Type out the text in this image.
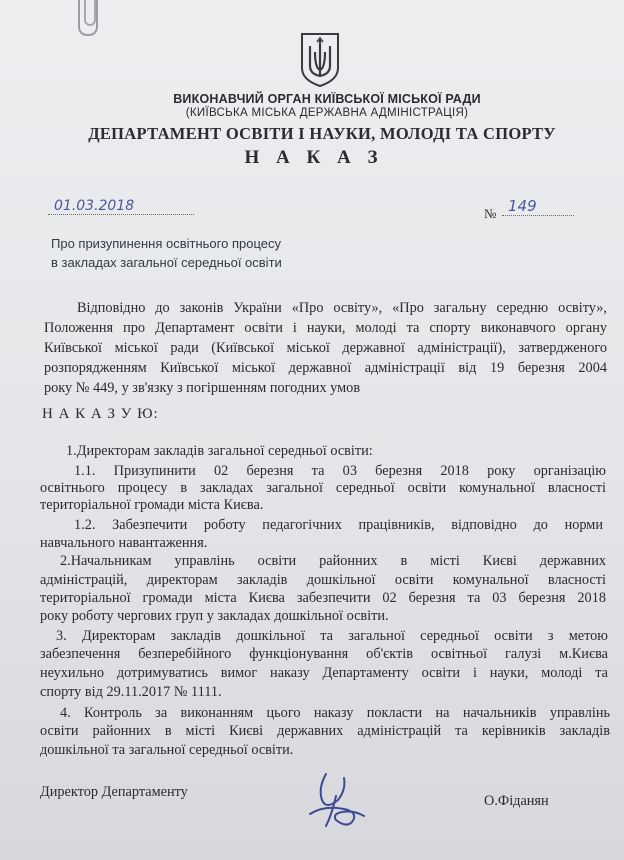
ВИКОНАВЧИЙ ОРГАН КИЇВСЬКОЇ МІСЬКОЇ РАДИ
(КИЇВСЬКА МІСЬКА ДЕРЖАВНА АДМІНІСТРАЦІЯ)
ДЕПАРТАМЕНТ ОСВІТИ І НАУКИ, МОЛОДІ ТА СПОРТУ
Н А К А З
01.03.2018	№ 149
Про призупинення освітнього процесу
в закладах загальної середньої освіти
Відповідно до законів України «Про освіту», «Про загальну середню освіту»,
Положення про Департамент освіти і науки, молоді та спорту виконавчого органу
Київської міської ради (Київської міської державної адміністрації), затвердженого
розпорядженням Київської міської державної адміністрації від 19 березня 2004
року № 449, у зв'язку з погіршенням погодних умов
Н А К А З У Ю:
1.Директорам закладів загальної середньої освіти:
1.1. Призупинити 02 березня та 03 березня 2018 року організацію
освітнього процесу в закладах загальної середньої освіти комунальної власності
територіальної громади міста Києва.
1.2. Забезпечити роботу педагогічних працівників, відповідно до норми
навчального навантаження.
2.Начальникам управлінь освіти районних в місті Києві державних
адміністрацій, директорам закладів дошкільної освіти комунальної власності
територіальної громади міста Києва забезпечити 02 березня та 03 березня 2018
року роботу чергових груп у закладах дошкільної освіти.
3. Директорам закладів дошкільної та загальної середньої освіти з метою
забезпечення безперебійного функціонування об'єктів освітньої галузі м.Києва
неухильно дотримуватись вимог наказу Департаменту освіти і науки, молоді та
спорту від 29.11.2017 № 1111.
4. Контроль за виконанням цього наказу покласти на начальників управлінь
освіти районних в місті Києві державних адміністрацій та керівників закладів
дошкільної та загальної середньої освіти.
Директор Департаменту
О.Фіданян
